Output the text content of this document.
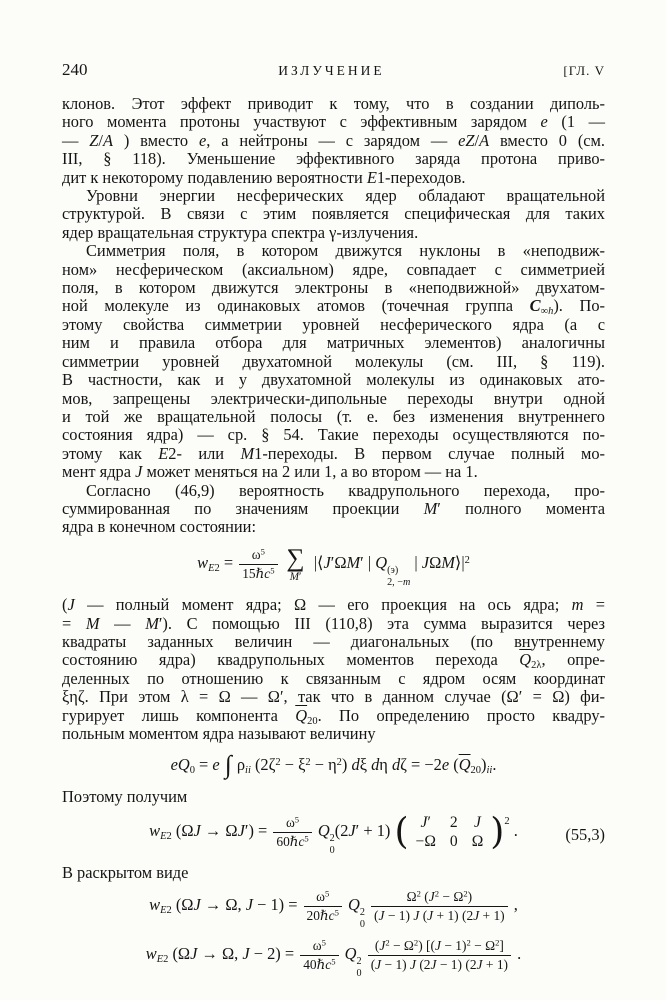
240	ИЗЛУЧЕНИЕ	[ГЛ. V
клонов. Этот эффект приводит к тому, что в создании диполь-
ного момента протоны участвуют с эффективным зарядом e (1 —
— Z/A ) вместо e, а нейтроны — с зарядом — eZ/A вместо 0 (см.
III, § 118). Уменьшение эффективного заряда протона приво-
дит к некоторому подавлению вероятности E1-переходов.
Уровни энергии несферических ядер обладают вращательной
структурой. В связи с этим появляется специфическая для таких
ядер вращательная структура спектра γ-излучения.
Симметрия поля, в котором движутся нуклоны в «неподвиж-
ном» несферическом (аксиальном) ядре, совпадает с симметрией
поля, в котором движутся электроны в «неподвижной» двухатом-
ной молекуле из одинаковых атомов (точечная группа $C_{\infty h}$). По-
этому свойства симметрии уровней несферического ядра (а с
ним и правила отбора для матричных элементов) аналогичны
симметрии уровней двухатомной молекулы (см. III, § 119).
В частности, как и у двухатомной молекулы из одинаковых ато-
мов, запрещены электрически-дипольные переходы внутри одной
и той же вращательной полосы (т. е. без изменения внутреннего
состояния ядра) — ср. § 54. Такие переходы осуществляются по-
этому как E2- или M1-переходы. В первом случае полный мо-
мент ядра J может меняться на 2 или 1, а во втором — на 1.
Согласно (46,9) вероятность квадрупольного перехода, про-
суммированная по значениям проекции M′ полного момента
ядра в конечном состоянии:
$w_{E2}$ =	$\omega^5$
15ℏc$^5$ ∑
M′
|⟨J′ΩM′ | Q (э)
2, −m
| $J\Omega M⟩|^2$
(J — полный момент ядра; Ω — его проекция на ось ядра; m =
= M — M′). С помощью III (110,8) эта сумма выразится через
квадраты заданных величин — диагональных (по внутреннему
состоянию ядра) квадрупольных моментов перехода $\overline{Q}_{2\lambda}$, опре-
деленных по отношению к связанным с ядром осям координат
ξηζ. При этом λ = Ω — Ω′, так что в данном случае (Ω′ = Ω) фи-
гурирует лишь компонента $\overline{Q}_{20}$. По определению просто квадру-
польным моментом ядра называют величину
$eQ_0 = e$ ∫ $\rho_{ii}$ $(2\zeta^2 - \xi^2 - \eta^2)$ dξ dη dζ = −2e $(\overline{Q}_{20})_{ii}$.
Поэтому получим
$w_{E2}$ (ΩJ → ΩJ′) =	$\omega^5$
60ℏc$^5$ Q 2
0
(2J′ + 1) ( J′	2	J
−Ω	0	Ω )$^2$ .	(55,3)
В раскрытом виде
$w_{E2}$ (ΩJ → Ω, J − 1) =	$\omega^5$
20ℏc$^5$ Q 2
0

$\frac{\Omega^2 (J^2 - \Omega^2)}{(J - 1) J (J + 1) (2J + 1)}$ ,
$w_{E2}$ (ΩJ → Ω, J − 2) =	$\omega^5$
40ℏc$^5$ Q 2
0

$\frac{(J^2 - \Omega^2) [(J - 1)^2 - \Omega^2]}{(J - 1) J (2J - 1) (2J + 1)}$ .
